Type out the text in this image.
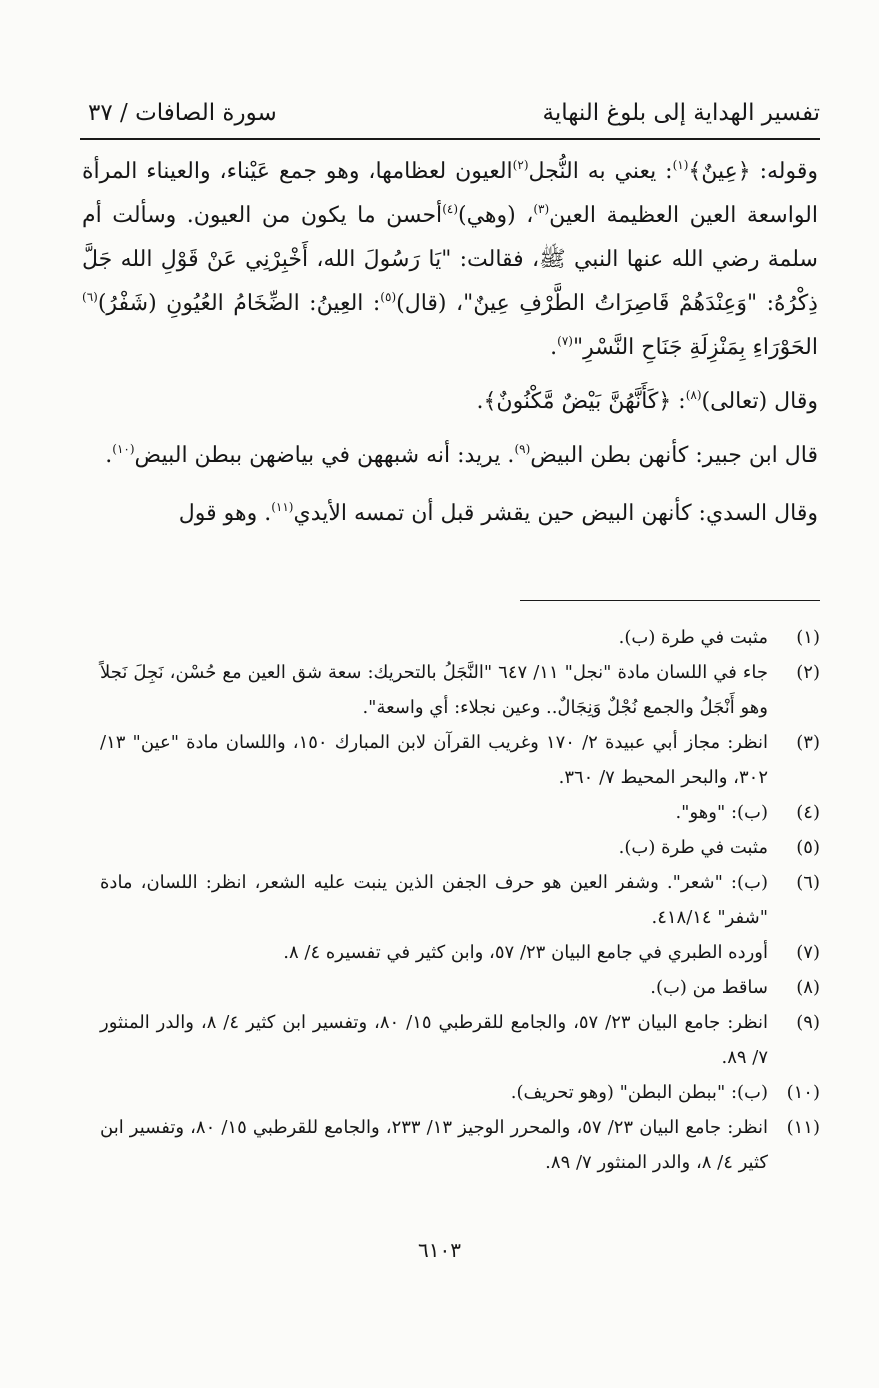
تفسير الهداية إلى بلوغ النهاية
سورة الصافات / ٣٧

وقوله: ﴿عِينٌ﴾$^{(١)}$: يعني به النُّجل$^{(٢)}$العيون لعظامها، وهو جمع عَيْناء، والعيناء المرأة الواسعة العين العظيمة العين$^{(٣)}$، (وهي)$^{(٤)}$أحسن ما يكون من العيون. وسألت أم سلمة رضي الله عنها النبي ﷺ، فقالت: "يَا رَسُولَ الله، أَخْبِرْنِي عَنْ قَوْلِ الله جَلَّ ذِكْرُهُ: "وَعِنْدَهُمْ قَاصِرَاتُ الطَّرْفِ عِينٌ"، (قال)$^{(٥)}$: العِينُ: الضِّخَامُ العُيُونِ (شَفْرُ)$^{(٦)}$ الحَوْرَاءِ بِمَنْزِلَةِ جَنَاحِ النَّسْرِ"$^{(٧)}$.

وقال (تعالى)$^{(٨)}$: ﴿كَأَنَّهُنَّ بَيْضٌ مَّكْنُونٌ﴾.

قال ابن جبير: كأنهن بطن البيض$^{(٩)}$. يريد: أنه شبههن في بياضهن ببطن البيض$^{(١٠)}$.

وقال السدي: كأنهن البيض حين يقشر قبل أن تمسه الأيدي$^{(١١)}$. وهو قول

(١)
مثبت في طرة (ب).
(٢)
جاء في اللسان مادة "نجل" ١١/ ٦٤٧ "النَّجَلُ بالتحريك: سعة شق العين مع حُسْن، نَجِلَ نَجلاً وهو أَنْجَلُ والجمع نُجْلٌ وَنِجَالٌ.. وعين نجلاء: أي واسعة".
(٣)
انظر: مجاز أبي عبيدة ٢/ ١٧٠ وغريب القرآن لابن المبارك ١٥٠، واللسان مادة "عين" ١٣/ ٣٠٢، والبحر المحيط ٧/ ٣٦٠.
(٤)
(ب): "وهو".
(٥)
مثبت في طرة (ب).
(٦)
(ب): "شعر". وشفر العين هو حرف الجفن الذين ينبت عليه الشعر، انظر: اللسان، مادة "شفر" ٤١٨/١٤.
(٧)
أورده الطبري في جامع البيان ٢٣/ ٥٧، وابن كثير في تفسيره ٤/ ٨.
(٨)
ساقط من (ب).
(٩)
انظر: جامع البيان ٢٣/ ٥٧، والجامع للقرطبي ١٥/ ٨٠، وتفسير ابن كثير ٤/ ٨، والدر المنثور ٧/ ٨٩.
(١٠)
(ب): "ببطن البطن" (وهو تحريف).
(١١)
انظر: جامع البيان ٢٣/ ٥٧، والمحرر الوجيز ١٣/ ٢٣٣، والجامع للقرطبي ١٥/ ٨٠، وتفسير ابن كثير ٤/ ٨، والدر المنثور ٧/ ٨٩.
٦١٠٣
